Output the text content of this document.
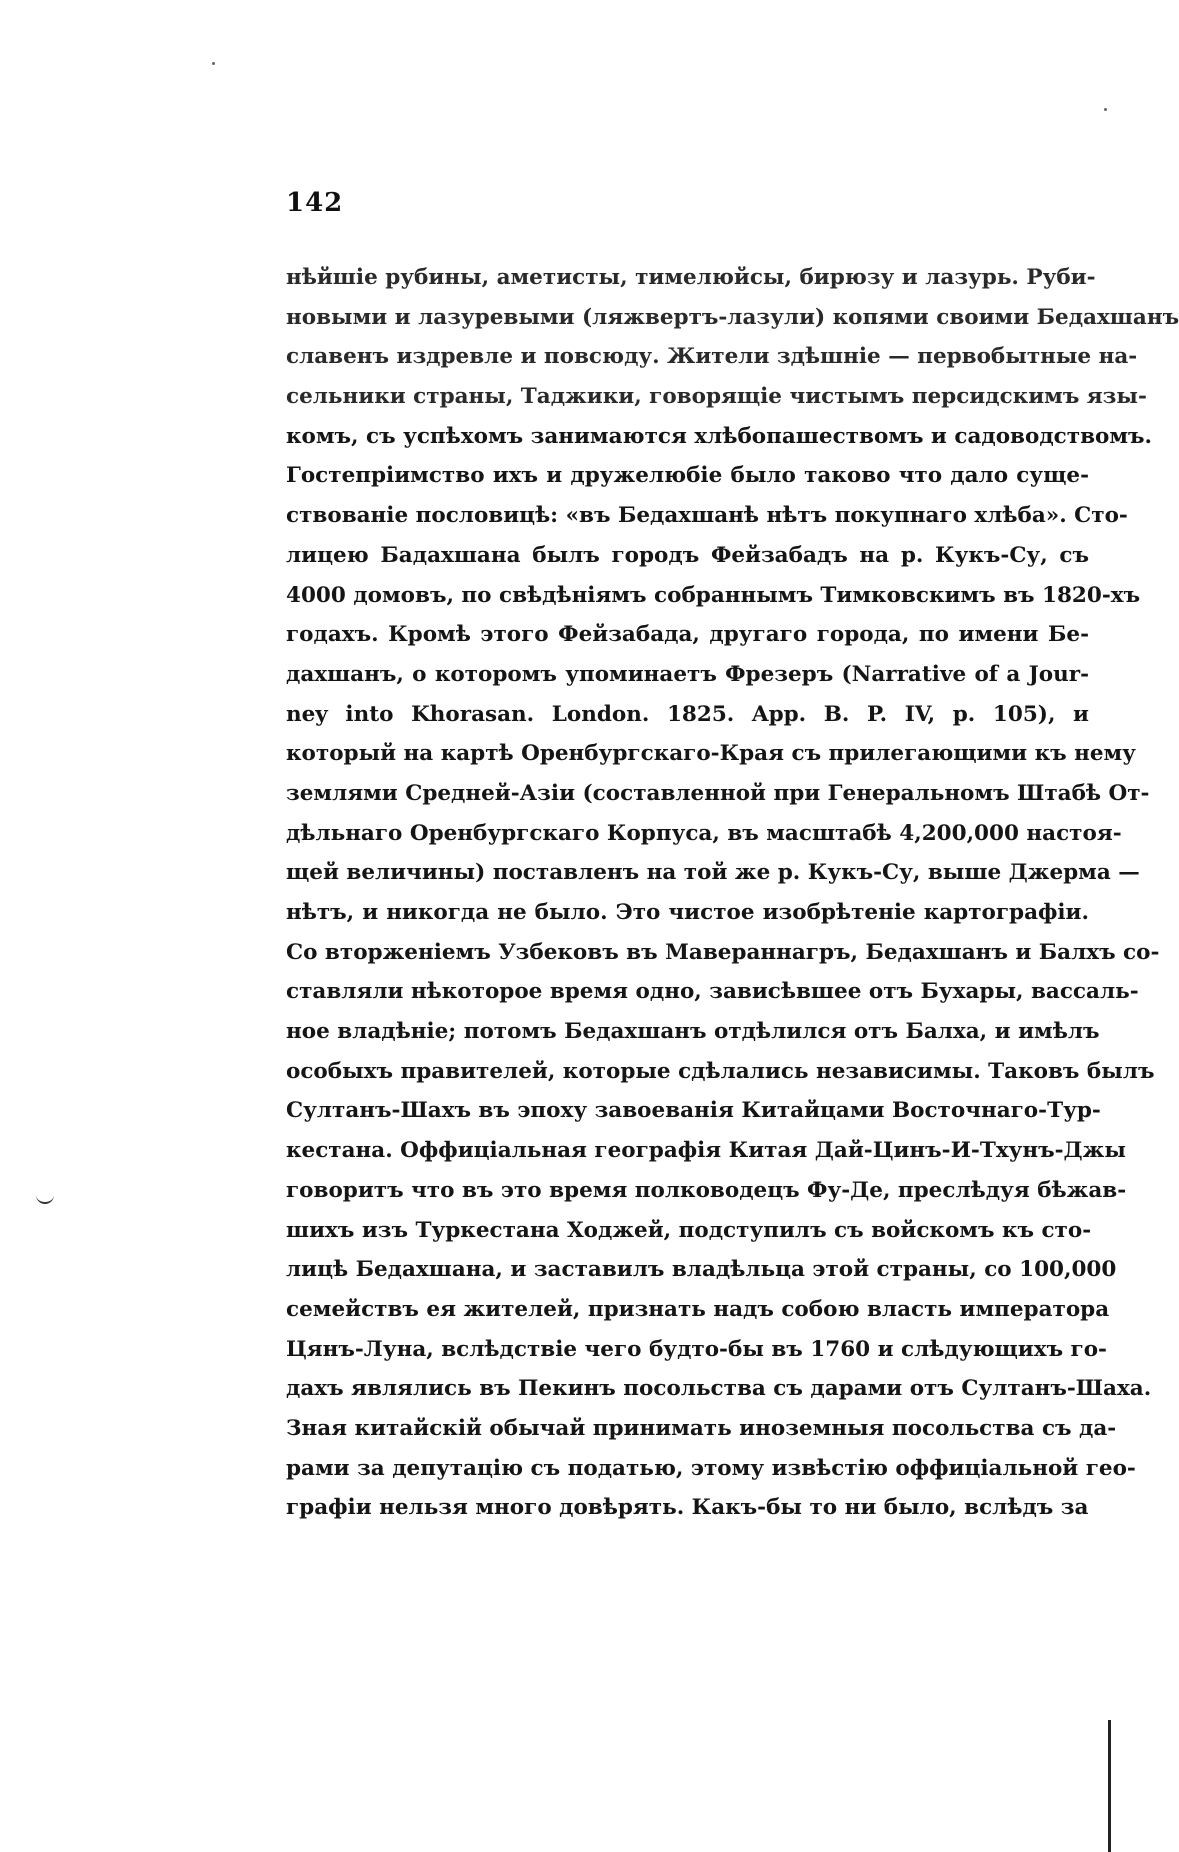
142
нѣйшіе рубины, аметисты, тимелюйсы, бирюзу и лазурь. Руби-
новыми и лазуревыми (ляжвертъ-лазули) копями своими Бедахшанъ
славенъ издревле и повсюду. Жители здѣшніе — первобытные на-
сельники страны, Таджики, говорящіе чистымъ персидскимъ язы-
комъ, съ успѣхомъ занимаются хлѣбопашествомъ и садоводствомъ.
Гостепріимство ихъ и дружелюбіе было таково что дало суще-
ствованіе пословицѣ: «въ Бедахшанѣ нѣтъ покупнаго хлѣба». Сто-
лицею Бадахшана былъ городъ Фейзабадъ на р. Кукъ-Су, съ
4000 домовъ, по свѣдѣніямъ собраннымъ Тимковскимъ въ 1820-хъ
годахъ. Кромѣ этого Фейзабада, другаго города, по имени Бе-
дахшанъ, о которомъ упоминаетъ Фрезеръ (Narrative of a Jour-
ney into Khorasan. London. 1825. App. B. P. IV, p. 105), и
который на картѣ Оренбургскаго-Края съ прилегающими къ нему
землями Средней-Азіи (составленной при Генеральномъ Штабѣ От-
дѣльнаго Оренбургскаго Корпуса, въ масштабѣ 4,200,000 настоя-
щей величины) поставленъ на той же р. Кукъ-Су, выше Джерма —
нѣтъ, и никогда не было. Это чистое изобрѣтеніе картографіи.
Со вторженіемъ Узбековъ въ Мавераннагръ, Бедахшанъ и Балхъ со-
ставляли нѣкоторое время одно, зависѣвшее отъ Бухары, вассаль-
ное владѣніе; потомъ Бедахшанъ отдѣлился отъ Балха, и имѣлъ
особыхъ правителей, которые сдѣлались независимы. Таковъ былъ
Султанъ-Шахъ въ эпоху завоеванія Китайцами Восточнаго-Тур-
кестана. Оффиціальная географія Китая Дай-Цинъ-И-Тхунъ-Джы
говоритъ что въ это время полководецъ Фу-Де, преслѣдуя бѣжав-
шихъ изъ Туркестана Ходжей, подступилъ съ войскомъ къ сто-
лицѣ Бедахшана, и заставилъ владѣльца этой страны, со 100,000
семействъ ея жителей, признать надъ собою власть императора
Цянъ-Луна, вслѣдствіе чего будто-бы въ 1760 и слѣдующихъ го-
дахъ являлись въ Пекинъ посольства съ дарами отъ Султанъ-Шаха.
Зная китайскій обычай принимать иноземныя посольства съ да-
рами за депутацію съ податью, этому извѣстію оффиціальной гео-
графіи нельзя много довѣрять. Какъ-бы то ни было, вслѣдъ за
